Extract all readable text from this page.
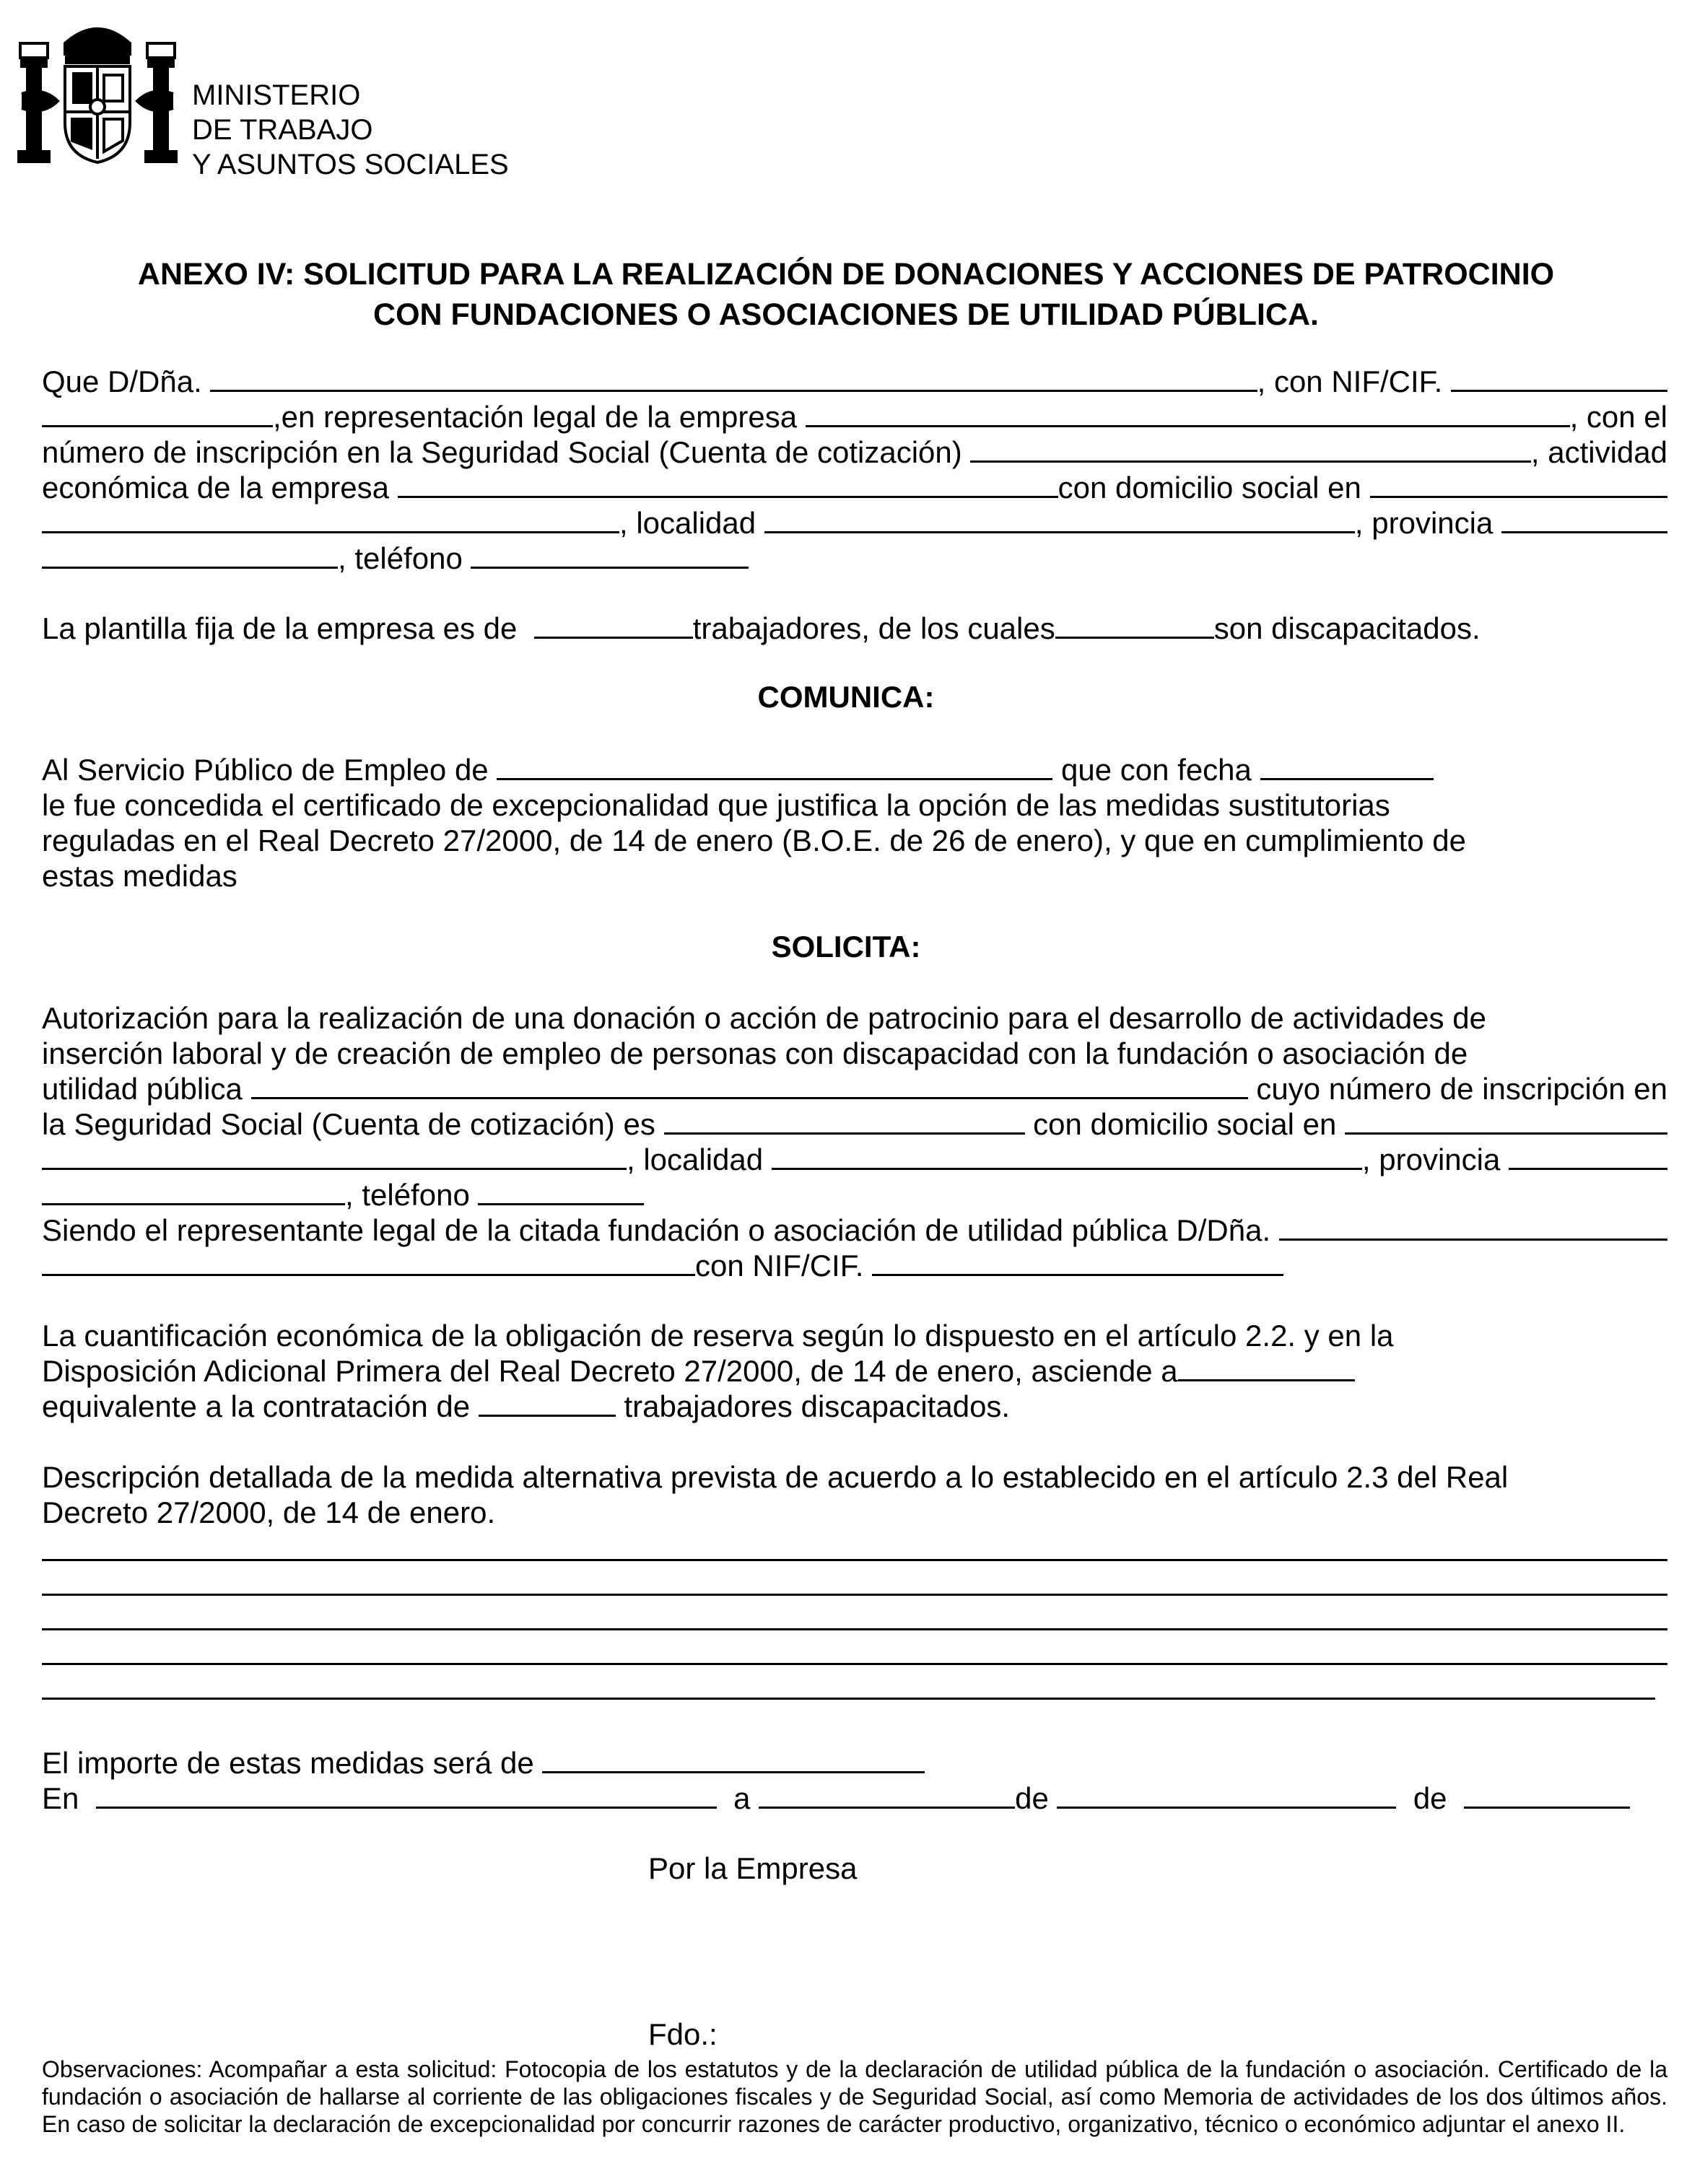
MINISTERIO
DE TRABAJO
Y ASUNTOS SOCIALES
ANEXO IV: SOLICITUD PARA LA REALIZACIÓN DE DONACIONES Y ACCIONES DE PATROCINIO
CON FUNDACIONES O ASOCIACIONES DE UTILIDAD PÚBLICA.
Que D/Dña.
	, con NIF/CIF.

,en representación legal de la empresa
	, con el
número de inscripción en la Seguridad Social (Cuenta de cotización)
	, actividad
económica de la empresa
	con domicilio social en

, localidad
	, provincia

, teléfono

La plantilla fija de la empresa es de
	trabajadores, de los cuales	son discapacitados.
COMUNICA:
Al Servicio Público de Empleo de

	que con fecha

le fue concedida el certificado de excepcionalidad que justifica la opción de las medidas sustitutorias
reguladas en el Real Decreto 27/2000, de 14 de enero (B.O.E. de 26 de enero), y que en cumplimiento de
estas medidas
SOLICITA:
Autorización para la realización de una donación o acción de patrocinio para el desarrollo de actividades de
inserción laboral y de creación de empleo de personas con discapacidad con la fundación o asociación de
utilidad pública

	cuyo número de inscripción en
la Seguridad Social (Cuenta de cotización) es

	con domicilio social en

, localidad
	, provincia

, teléfono

Siendo el representante legal de la citada fundación o asociación de utilidad pública D/Dña.

con NIF/CIF.

La cuantificación económica de la obligación de reserva según lo dispuesto en el artículo 2.2. y en la
Disposición Adicional Primera del Real Decreto 27/2000, de 14 de enero, asciende a
equivalente a la contratación de

	trabajadores discapacitados.
Descripción detallada de la medida alternativa prevista de acuerdo a lo establecido en el artículo 2.3 del Real
Decreto 27/2000, de 14 de enero.
El importe de estas medidas será de

En

	a
	de

	de

Por la Empresa
Fdo.:
Observaciones: Acompañar a esta solicitud: Fotocopia de los estatutos y de la declaración de utilidad pública de la fundación o asociación. Certificado de la fundación o asociación de hallarse al corriente de las obligaciones fiscales y de Seguridad Social, así como Memoria de actividades de los dos últimos años. En caso de solicitar la declaración de excepcionalidad por concurrir razones de carácter productivo, organizativo, técnico o económico adjuntar el anexo II.
